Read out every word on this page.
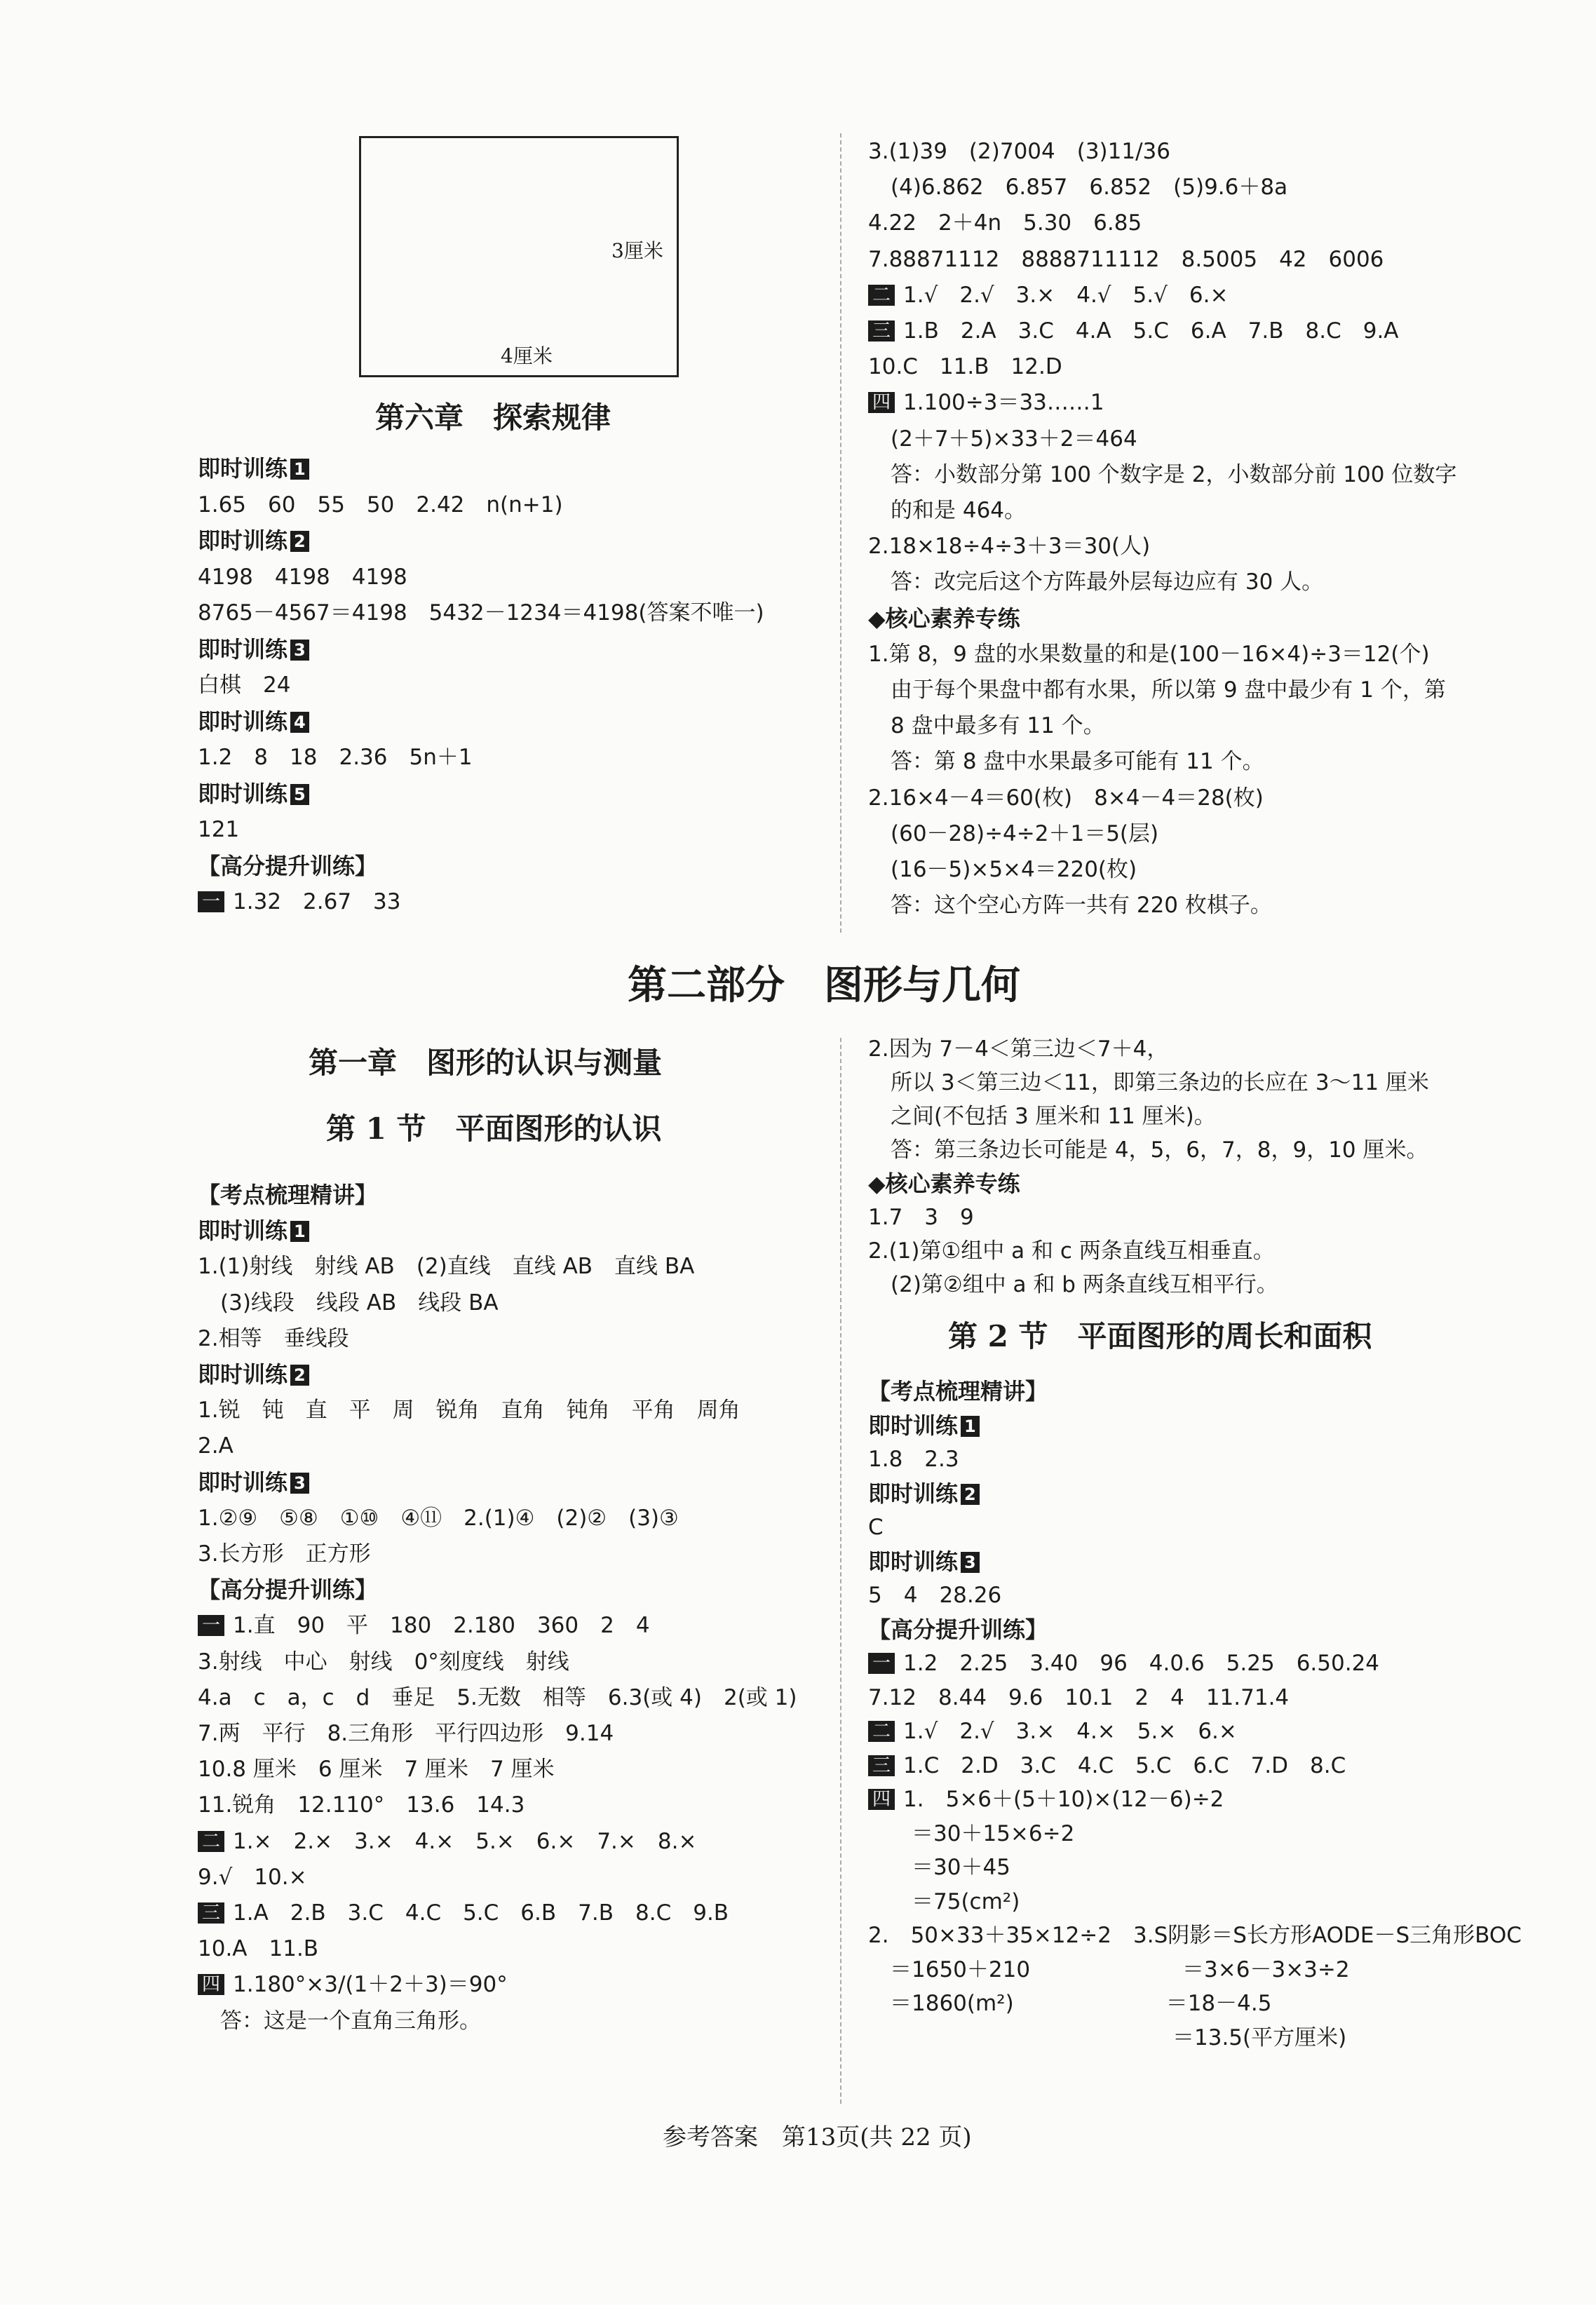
3厘米
4厘米
第六章　探索规律
即时训练 1
1.65　60　55　50　2.42　n(n+1)
即时训练 2
4198　4198　4198
8765－4567＝4198　5432－1234＝4198(答案不唯一)
即时训练 3
白棋　24
即时训练 4
1.2　8　18　2.36　5n＋1
即时训练 5
121
【高分提升训练】
一 1.32　2.67　33
3.(1)39　(2)7004　(3)11/36
(4)6.862　6.857　6.852　(5)9.6＋8a
4.22　2＋4n　5.30　6.85
7.88871112　8888711112　8.5005　42　6006
二 1.√　2.√　3.×　4.√　5.√　6.×
三 1.B　2.A　3.C　4.A　5.C　6.A　7.B　8.C　9.A
10.C　11.B　12.D
四 1.100÷3＝33……1
(2＋7＋5)×33＋2＝464
答：小数部分第 100 个数字是 2，小数部分前 100 位数字
的和是 464。
2.18×18÷4÷3＋3＝30(人)
答：改完后这个方阵最外层每边应有 30 人。
◆核心素养专练
1.第 8，9 盘的水果数量的和是(100－16×4)÷3＝12(个)
由于每个果盘中都有水果，所以第 9 盘中最少有 1 个，第
8 盘中最多有 11 个。
答：第 8 盘中水果最多可能有 11 个。
2.16×4－4＝60(枚)　8×4－4＝28(枚)
(60－28)÷4÷2＋1＝5(层)
(16－5)×5×4＝220(枚)
答：这个空心方阵一共有 220 枚棋子。
第二部分　图形与几何
第一章　图形的认识与测量
第 1 节　平面图形的认识
【考点梳理精讲】
即时训练 1
1.(1)射线　射线 AB　(2)直线　直线 AB　直线 BA
(3)线段　线段 AB　线段 BA
2.相等　垂线段
即时训练 2
1.锐　钝　直　平　周　锐角　直角　钝角　平角　周角
2.A
即时训练 3
1.②⑨　⑤⑧　①⑩　④⑪　2.(1)④　(2)②　(3)③
3.长方形　正方形
【高分提升训练】
一 1.直　90　平　180　2.180　360　2　4
3.射线　中心　射线　0°刻度线　射线
4.a　c　a，c　d　垂足　5.无数　相等　6.3(或 4)　2(或 1)
7.两　平行　8.三角形　平行四边形　9.14
10.8 厘米　6 厘米　7 厘米　7 厘米
11.锐角　12.110°　13.6　14.3
二 1.×　2.×　3.×　4.×　5.×　6.×　7.×　8.×
9.√　10.×
三 1.A　2.B　3.C　4.C　5.C　6.B　7.B　8.C　9.B
10.A　11.B
四 1.180°×3/(1＋2＋3)＝90°
答：这是一个直角三角形。
2.因为 7－4＜第三边＜7＋4，
所以 3＜第三边＜11，即第三条边的长应在 3～11 厘米
之间(不包括 3 厘米和 11 厘米)。
答：第三条边长可能是 4，5，6，7，8，9，10 厘米。
◆核心素养专练
1.7　3　9
2.(1)第①组中 a 和 c 两条直线互相垂直。
(2)第②组中 a 和 b 两条直线互相平行。
第 2 节　平面图形的周长和面积
【考点梳理精讲】
即时训练 1
1.8　2.3
即时训练 2
C
即时训练 3
5　4　28.26
【高分提升训练】
一 1.2　2.25　3.40　96　4.0.6　5.25　6.50.24
7.12　8.44　9.6　10.1　2　4　11.71.4
二 1.√　2.√　3.×　4.×　5.×　6.×
三 1.C　2.D　3.C　4.C　5.C　6.C　7.D　8.C
四 1.　5×6＋(5＋10)×(12－6)÷2
　　＝30＋15×6÷2
　　＝30＋45
　　＝75(cm²)
2.　50×33＋35×12÷2　3.S阴影＝S长方形AODE－S三角形BOC
　＝1650＋210　　　　　　　＝3×6－3×3÷2
　＝1860(m²)　　　　　　　＝18－4.5
　　　　　　　　　　　　　　＝13.5(平方厘米)
参考答案　第13页(共 22 页)
